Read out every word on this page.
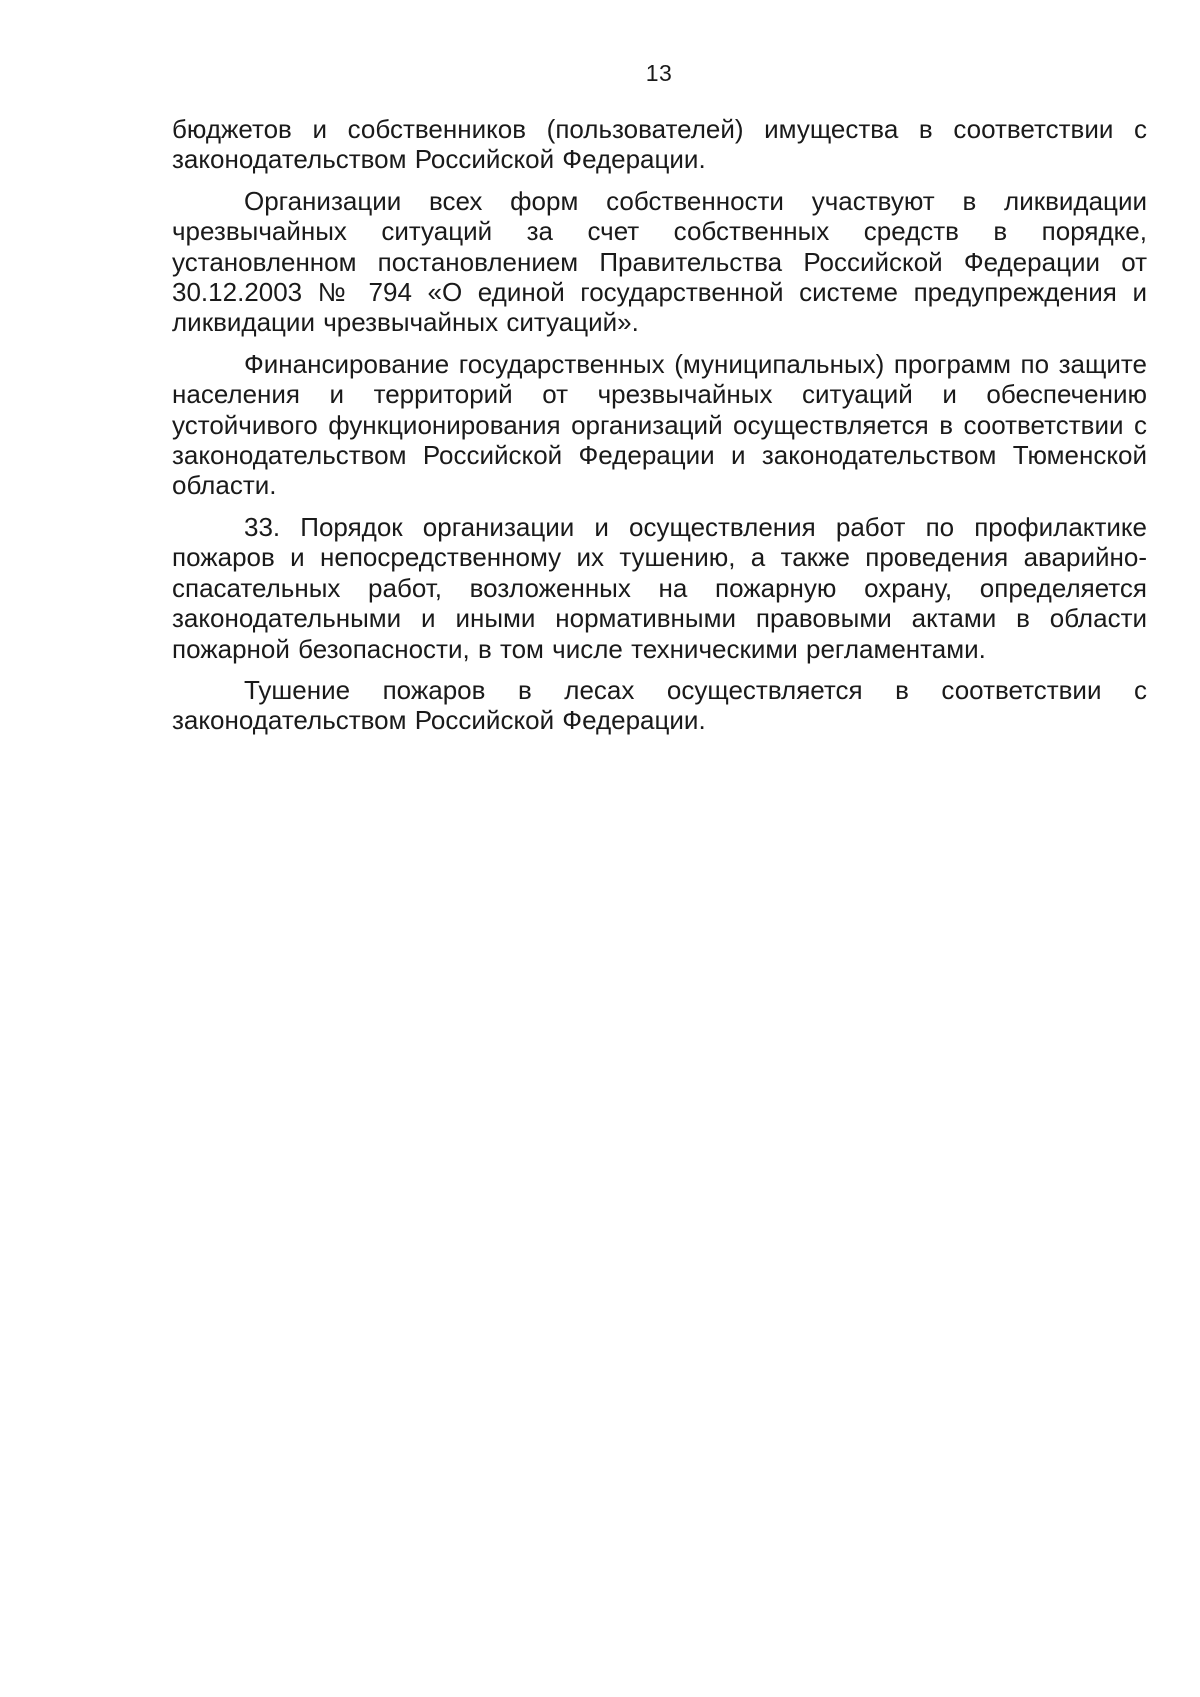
13

бюджетов и собственников (пользователей) имущества в соответствии с законодательством Российской Федерации.

Организации всех форм собственности участвуют в ликвидации чрезвычайных ситуаций за счет собственных средств в порядке, установленном постановлением Правительства Российской Федерации от 30.12.2003 № 794 «О единой государственной системе предупреждения и ликвидации чрезвычайных ситуаций».

Финансирование государственных (муниципальных) программ по защите населения и территорий от чрезвычайных ситуаций и обеспечению устойчивого функционирования организаций осуществляется в соответствии с законодательством Российской Федерации и законодательством Тюменской области.

33. Порядок организации и осуществления работ по профилактике пожаров и непосредственному их тушению, а также проведения аварийно-спасательных работ, возложенных на пожарную охрану, определяется законодательными и иными нормативными правовыми актами в области пожарной безопасности, в том числе техническими регламентами.

Тушение пожаров в лесах осуществляется в соответствии с законодательством Российской Федерации.
